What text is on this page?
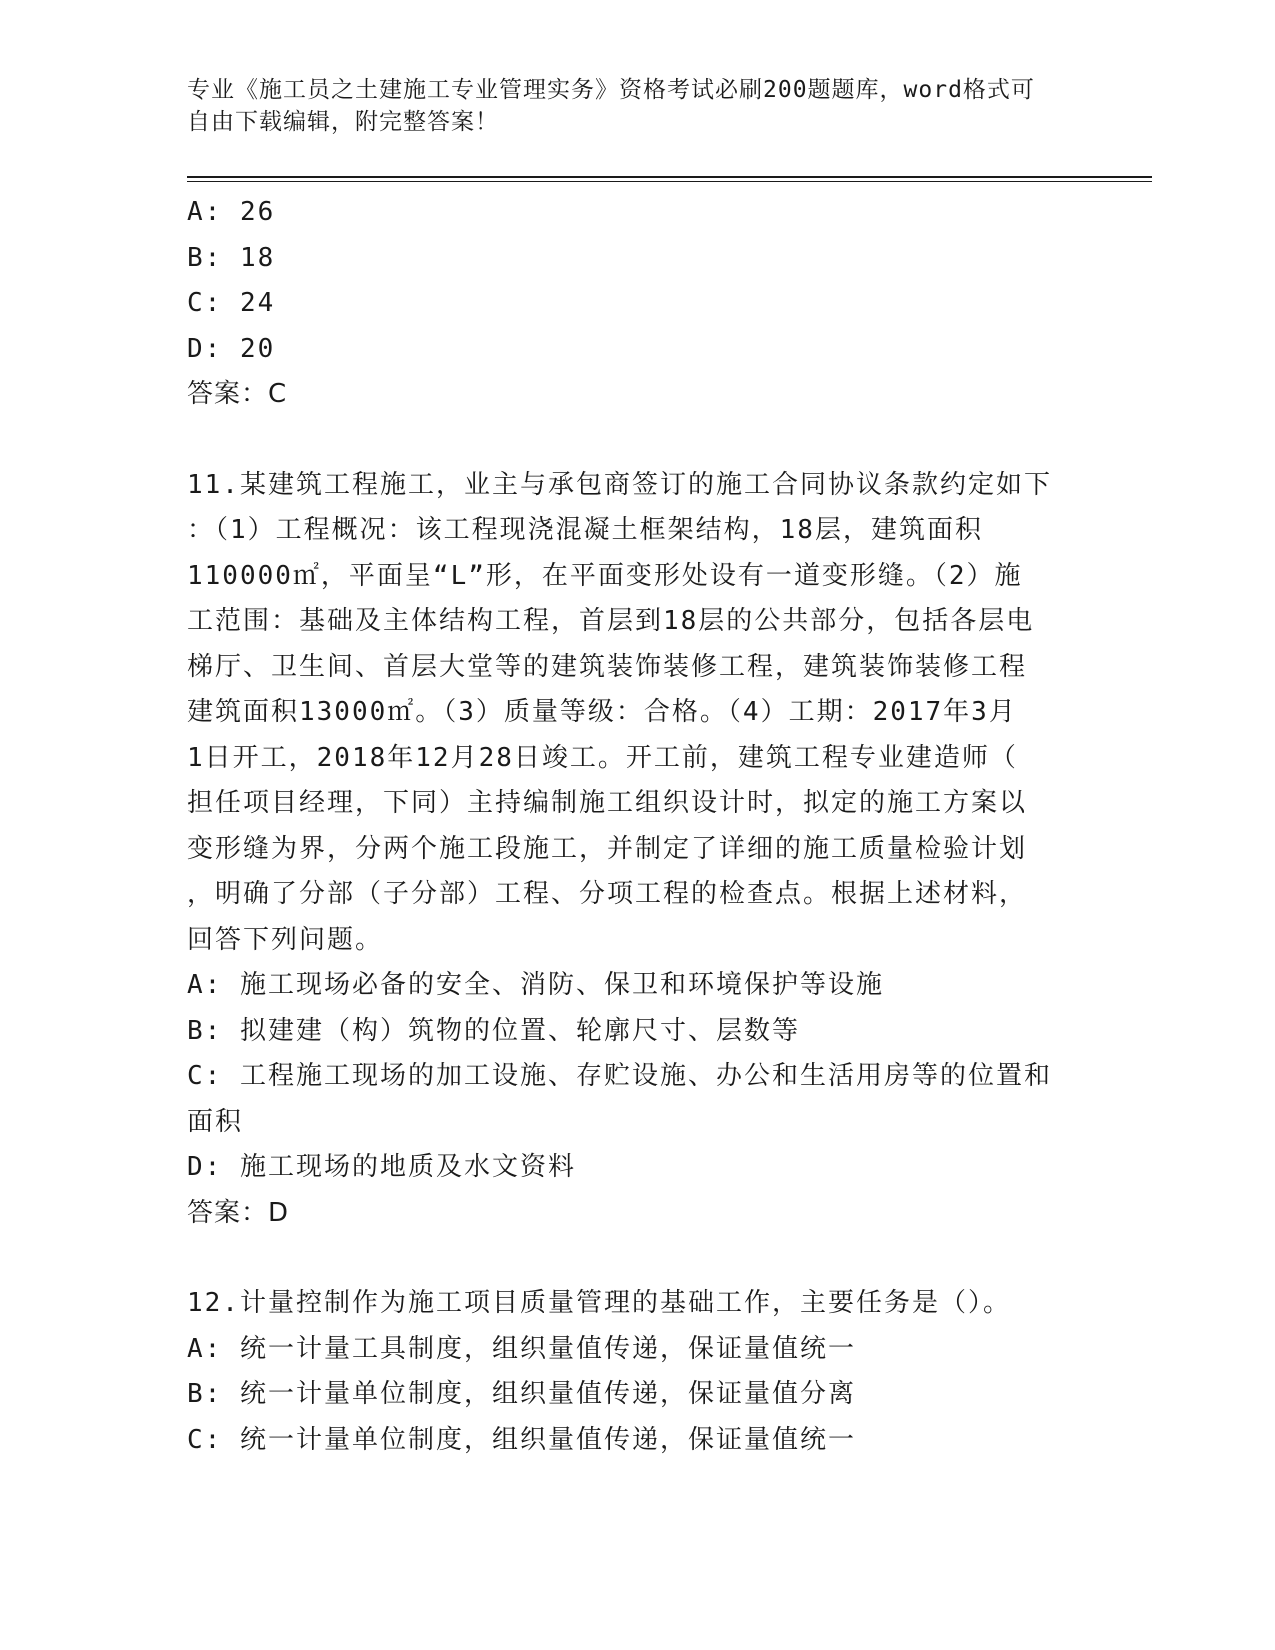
专业《施工员之土建施工专业管理实务》资格考试必刷200题题库，word格式可
自由下载编辑，附完整答案！
A: 26
B: 18
C: 24
D: 20
答案：C
11.某建筑工程施工，业主与承包商签订的施工合同协议条款约定如下
：（1）工程概况：该工程现浇混凝土框架结构，18层，建筑面积
110000㎡，平面呈“L”形，在平面变形处设有一道变形缝。（2）施
工范围：基础及主体结构工程，首层到18层的公共部分，包括各层电
梯厅、卫生间、首层大堂等的建筑装饰装修工程，建筑装饰装修工程
建筑面积13000㎡。（3）质量等级：合格。（4）工期：2017年3月
1日开工，2018年12月28日竣工。开工前，建筑工程专业建造师（
担任项目经理，下同）主持编制施工组织设计时，拟定的施工方案以
变形缝为界，分两个施工段施工，并制定了详细的施工质量检验计划
，明确了分部（子分部）工程、分项工程的检查点。根据上述材料，
回答下列问题。
A: 施工现场必备的安全、消防、保卫和环境保护等设施
B: 拟建建（构）筑物的位置、轮廓尺寸、层数等
C: 工程施工现场的加工设施、存贮设施、办公和生活用房等的位置和
面积
D: 施工现场的地质及水文资料
答案：D
12.计量控制作为施工项目质量管理的基础工作，主要任务是（）。
A: 统一计量工具制度，组织量值传递，保证量值统一
B: 统一计量单位制度，组织量值传递，保证量值分离
C: 统一计量单位制度，组织量值传递，保证量值统一
